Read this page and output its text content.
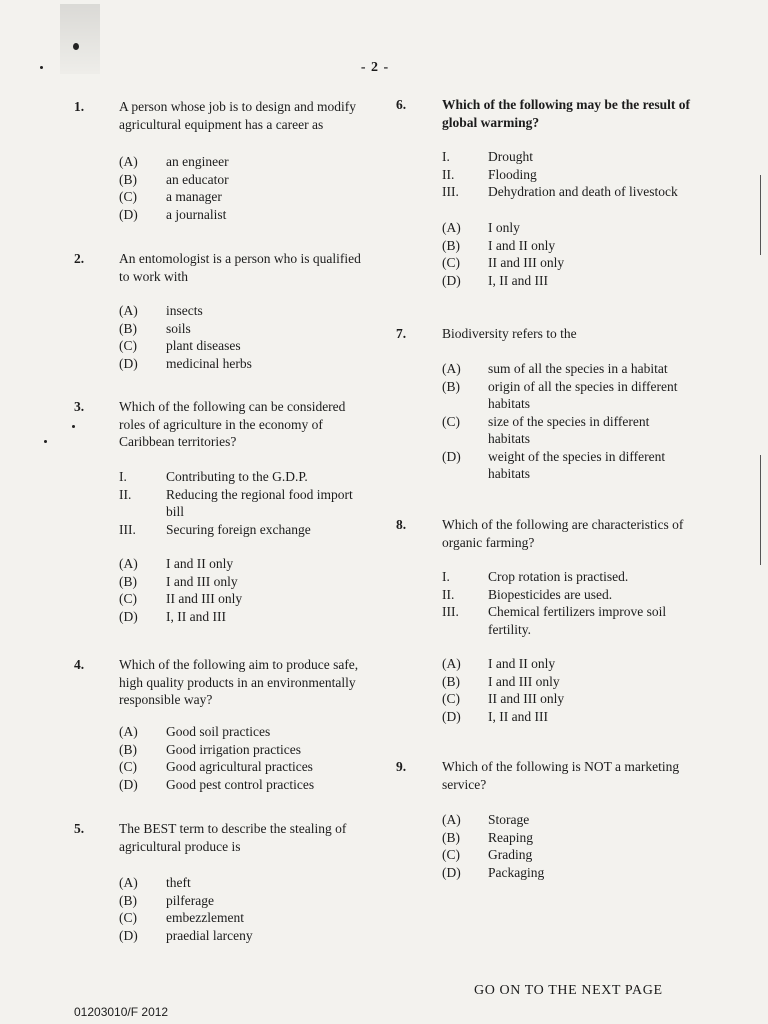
- 2 -
1.	A person whose job is to design and modify agricultural equipment has a career as
(A) an engineer
(B) an educator
(C) a manager
(D) a journalist
2.	An entomologist is a person who is qualified to work with
(A) insects
(B) soils
(C) plant diseases
(D) medicinal herbs
3.	Which of the following can be considered roles of agriculture in the economy of Caribbean territories?
I.	Contributing to the G.D.P.
II.	Reducing the regional food import bill
III. Securing foreign exchange
(A) I and II only
(B) I and III only
(C) II and III only
(D) I, II and III
4.	Which of the following aim to produce safe, high quality products in an environmentally responsible way?
(A) Good soil practices
(B) Good irrigation practices
(C) Good agricultural practices
(D) Good pest control practices
5.	The BEST term to describe the stealing of agricultural produce is
(A) theft
(B) pilferage
(C) embezzlement
(D) praedial larceny
6.	Which of the following may be the result of global warming?
I.	Drought
II. Flooding
III. Dehydration and death of livestock
(A) I only
(B) I and II only
(C) II and III only
(D) I, II and III
7.	Biodiversity refers to the
(A) sum of all the species in a habitat
(B) origin of all the species in different habitats
(C) size of the species in different habitats
(D) weight of the species in different habitats
8.	Which of the following are characteristics of organic farming?
I.	Crop rotation is practised.
II. Biopesticides are used.
III. Chemical fertilizers improve soil fertility.
(A) I and II only
(B) I and III only
(C) II and III only
(D) I, II and III
9.	Which of the following is NOT a marketing service?
(A) Storage
(B) Reaping
(C) Grading
(D) Packaging
GO ON TO THE NEXT PAGE
01203010/F 2012
